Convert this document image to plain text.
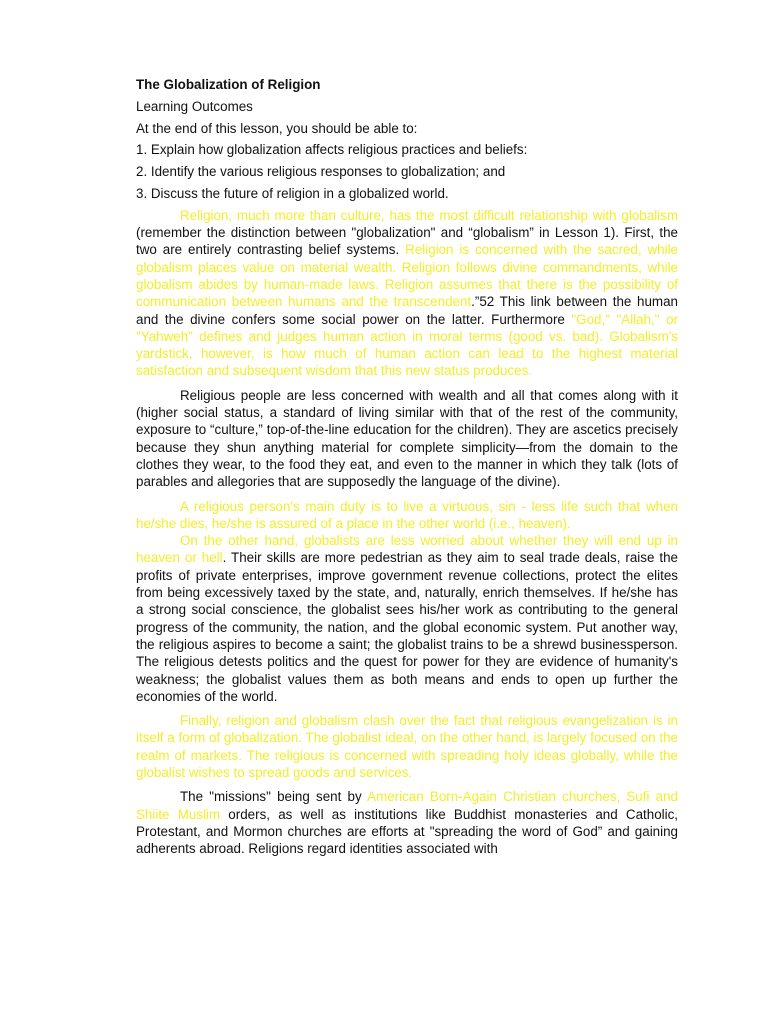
The Globalization of Religion

Learning Outcomes

At the end of this lesson, you should be able to:

1. Explain how globalization affects religious practices and beliefs:

2. Identify the various religious responses to globalization; and

3. Discuss the future of religion in a globalized world.

Religion, much more than culture, has the most difficult relationship with globalism (remember the distinction between "globalization" and “globalism” in Lesson 1). First, the two are entirely contrasting belief systems. Religion is concerned with the sacred, while globalism places value on material wealth. Religion follows divine commandments, while globalism abides by human-made laws. Religion assumes that there is the possibility of communication between humans and the transcendent.”52 This link between the human and the divine confers some social power on the latter. Furthermore "God," "Allah," or "Yahweh" defines and judges human action in moral terms (good vs. bad). Globalism's yardstick, however, is how much of human action can lead to the highest material satisfaction and subsequent wisdom that this new status produces.

Religious people are less concerned with wealth and all that comes along with it (higher social status, a standard of living similar with that of the rest of the community, exposure to “culture,” top-of-the-line education for the children). They are ascetics precisely because they shun anything material for complete simplicity—from the domain to the clothes they wear, to the food they eat, and even to the manner in which they talk (lots of parables and allegories that are supposedly the language of the divine).

A religious person's main duty is to live a virtuous, sin - less life such that when he/she dies, he/she is assured of a place in the other world (i.e., heaven).

On the other hand, globalists are less worried about whether they will end up in heaven or hell. Their skills are more pedestrian as they aim to seal trade deals, raise the profits of private enterprises, improve government revenue collections, protect the elites from being excessively taxed by the state, and, naturally, enrich themselves. If he/she has a strong social conscience, the globalist sees his/her work as contributing to the general progress of the community, the nation, and the global economic system. Put another way, the religious aspires to become a saint; the globalist trains to be a shrewd businessperson. The religious detests politics and the quest for power for they are evidence of humanity's weakness; the globalist values them as both means and ends to open up further the economies of the world.

Finally, religion and globalism clash over the fact that religious evangelization is in itself a form of globalization. The globalist ideal, on the other hand, is largely focused on the realm of markets. The religious is concerned with spreading holy ideas globally, while the globalist wishes to spread goods and services.

The "missions" being sent by American Born-Again Christian churches, Sufi and Shiite Muslim orders, as well as institutions like Buddhist monasteries and Catholic, Protestant, and Mormon churches are efforts at "spreading the word of God” and gaining adherents abroad. Religions regard identities associated with
